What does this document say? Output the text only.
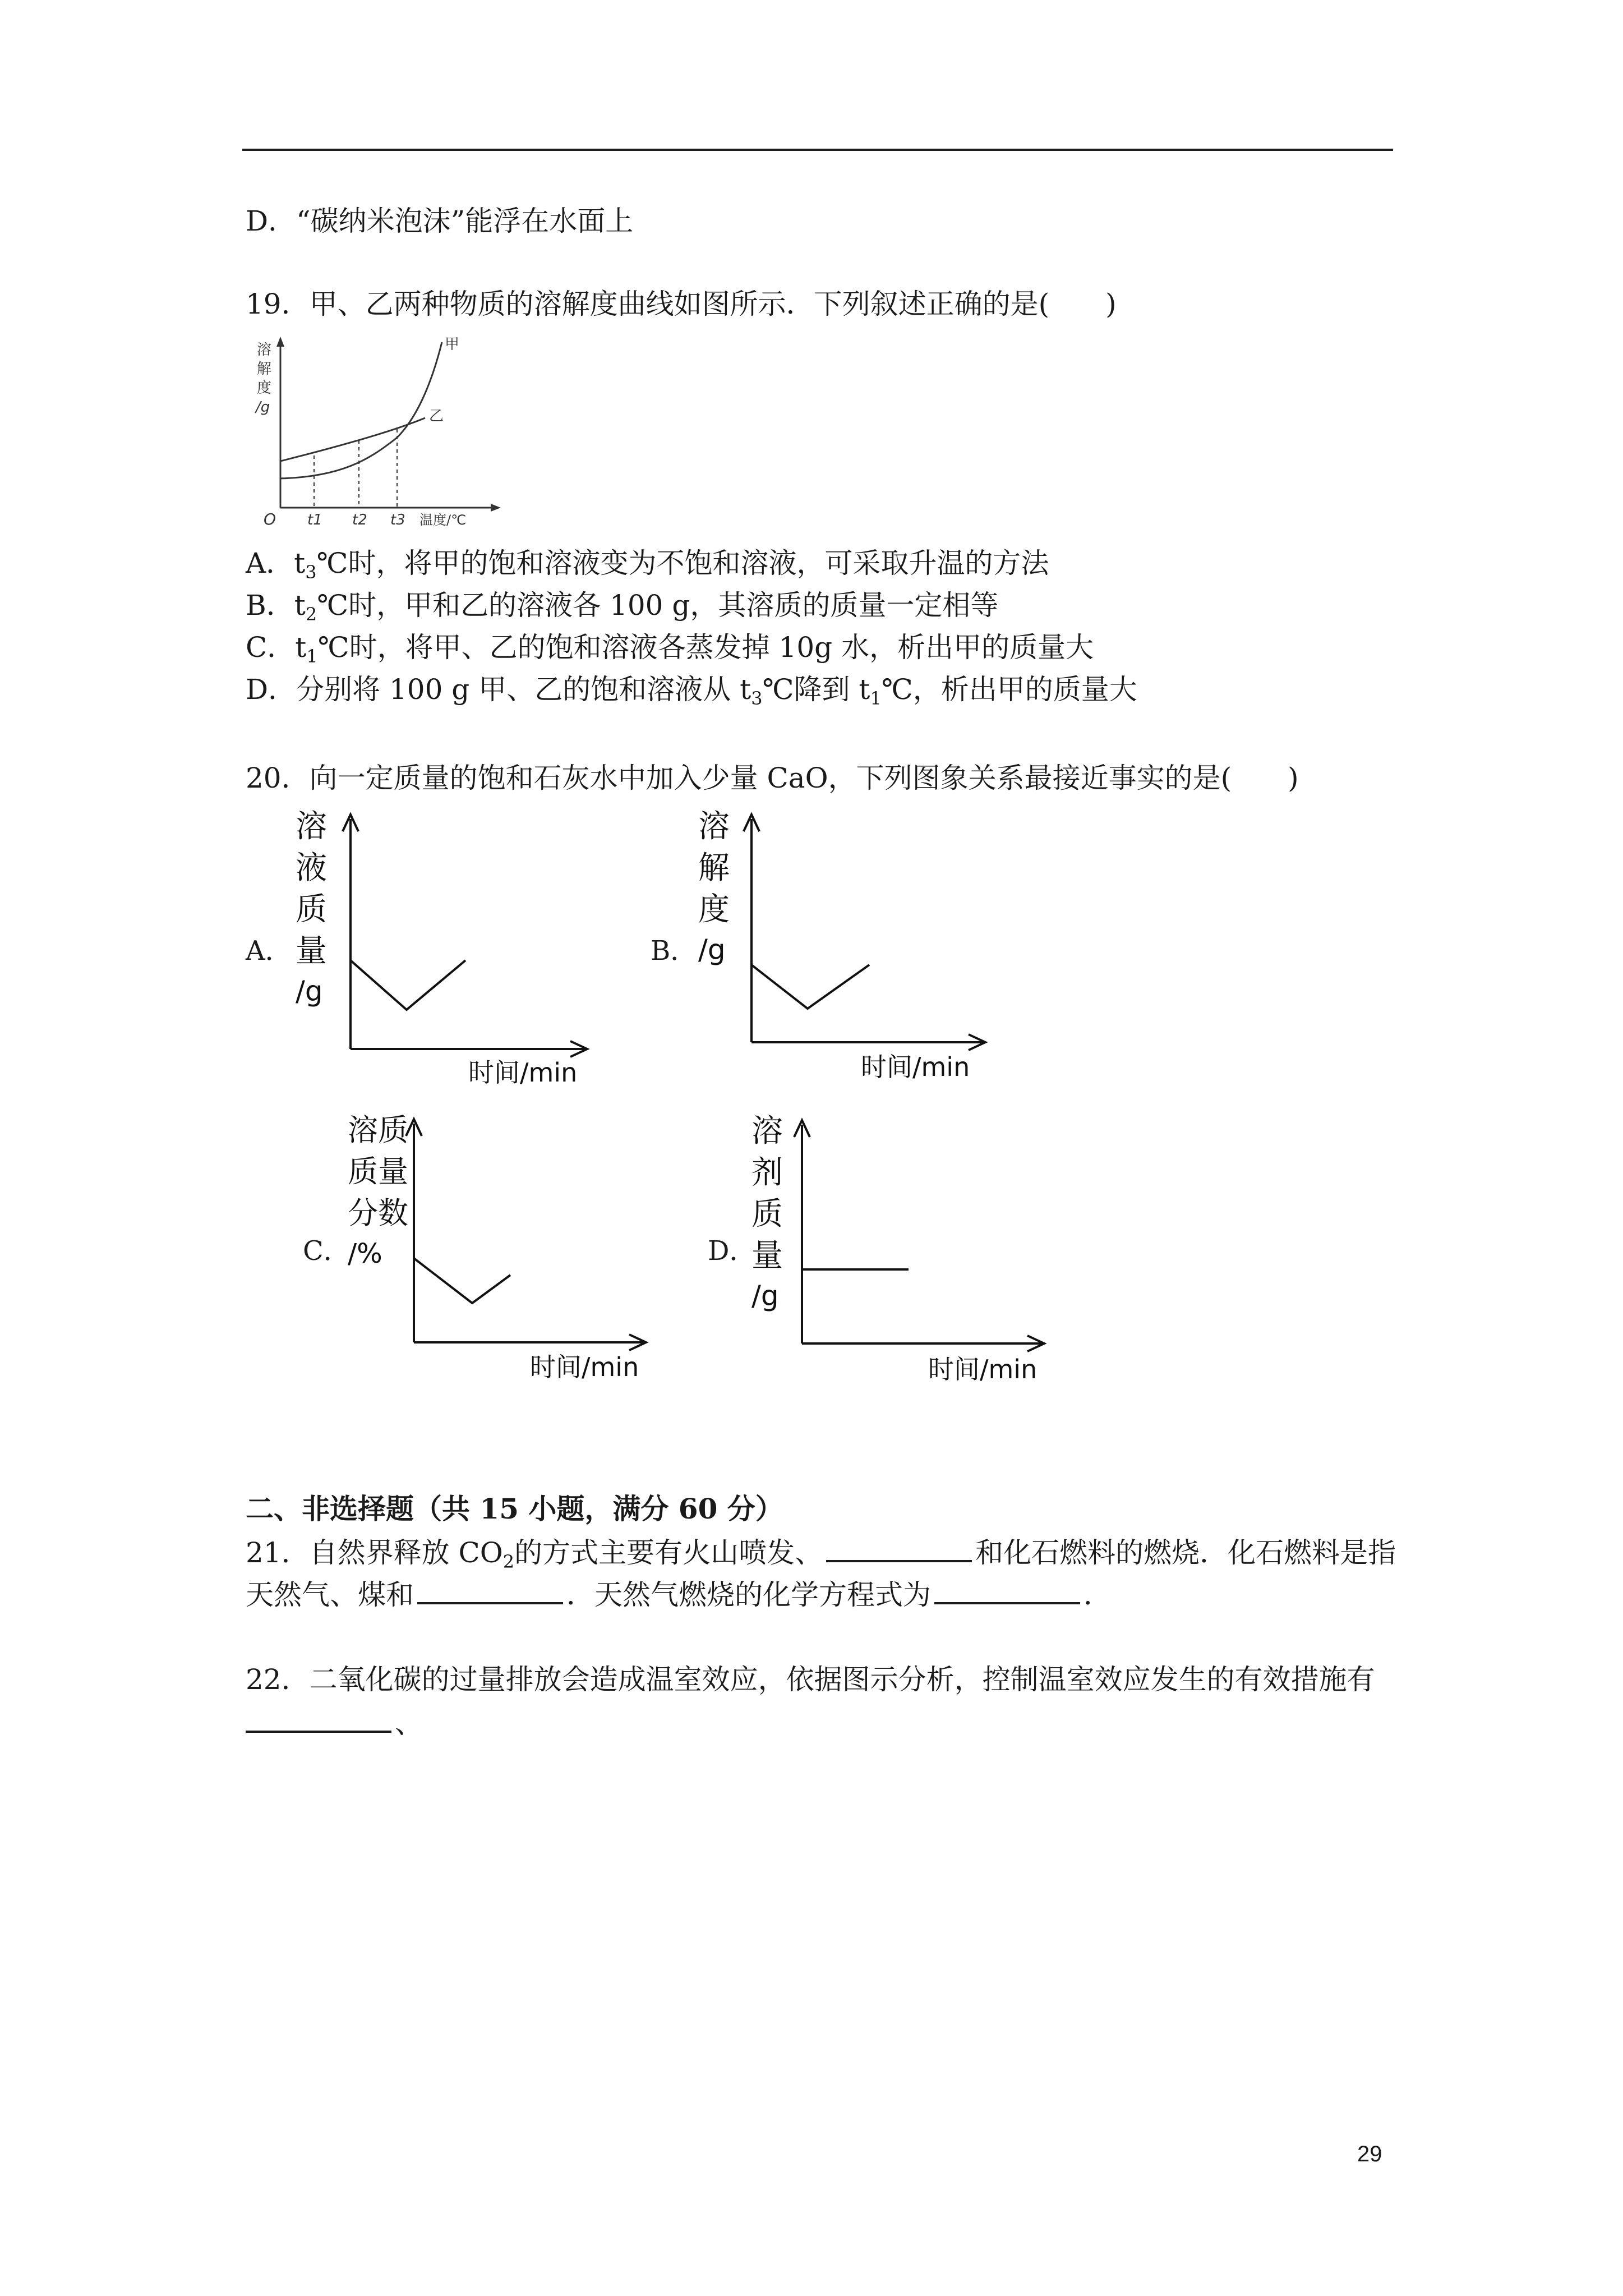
D．“碳纳米泡沫”能浮在水面上
19．甲、乙两种物质的溶解度曲线如图所示．下列叙述正确的是(　　)
溶
解
度
/g
O
甲
乙
t1 t2 t3 温度/℃
A．$t_3℃$时，将甲的饱和溶液变为不饱和溶液，可采取升温的方法
B．$t_2℃$时，甲和乙的溶液各 100 g，其溶质的质量一定相等
C．$t_1℃$时，将甲、乙的饱和溶液各蒸发掉 10g 水，析出甲的质量大
D．分别将 100 g 甲、乙的饱和溶液从 $t_3℃$降到 $t_1℃$，析出甲的质量大
20．向一定质量的饱和石灰水中加入少量 CaO，下列图象关系最接近事实的是(　　)
A．	B．
C．	D．
溶
液
质
量
/g
时间/min
溶
解
度
/g
时间/min
溶质
质量
分数
/%
时间/min
溶
剂
质
量
/g
时间/min
二、非选择题（共 15 小题，满分 60 分）
21．自然界释放 $CO_2$的方式主要有火山喷发、	和化石燃料的燃烧．化石燃料是指
天然气、煤和	．天然气燃烧的化学方程式为	．
22．二氧化碳的过量排放会造成温室效应，依据图示分析，控制温室效应发生的有效措施有
、
29
